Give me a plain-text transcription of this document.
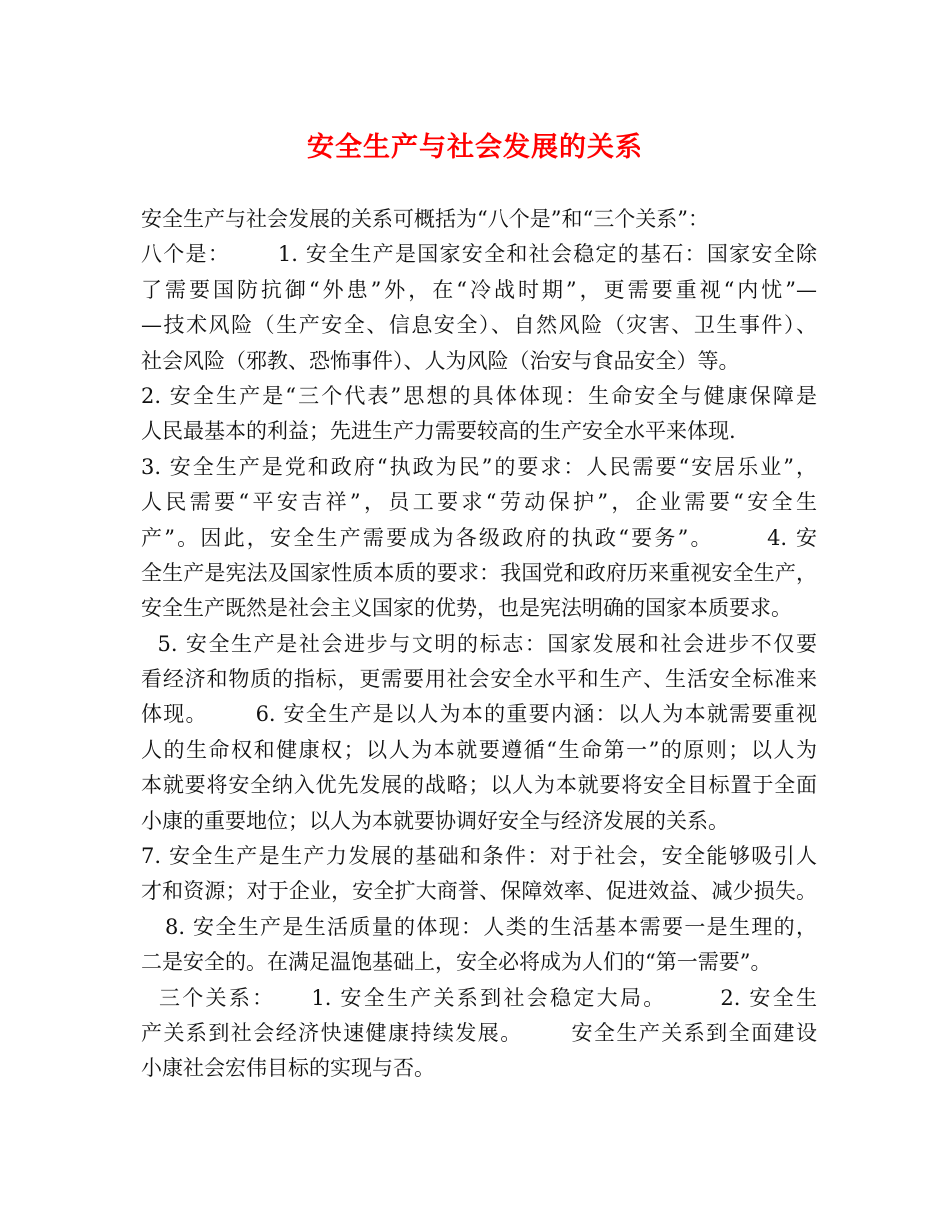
安全生产与社会发展的关系
安全生产与社会发展的关系可概括为“八个是”和“三个关系”：
八个是：      1. 安全生产是国家安全和社会稳定的基石：国家安全除
了需要国防抗御“外患”外，在“冷战时期”，更需要重视“内忧”—
—技术风险（生产安全、信息安全）、自然风险（灾害、卫生事件）、
社会风险（邪教、恐怖事件）、人为风险（治安与食品安全）等。
2. 安全生产是“三个代表”思想的具体体现：生命安全与健康保障是
人民最基本的利益；先进生产力需要较高的生产安全水平来体现.
3. 安全生产是党和政府“执政为民”的要求：人民需要“安居乐业”，
人民需要“平安吉祥”，员工要求“劳动保护”，企业需要“安全生
产”。因此，安全生产需要成为各级政府的执政“要务”。      4. 安
全生产是宪法及国家性质本质的要求：我国党和政府历来重视安全生产，
安全生产既然是社会主义国家的优势，也是宪法明确的国家本质要求。
5. 安全生产是社会进步与文明的标志：国家发展和社会进步不仅要
看经济和物质的指标，更需要用社会安全水平和生产、生活安全标准来
体现。      6. 安全生产是以人为本的重要内涵：以人为本就需要重视
人的生命权和健康权；以人为本就要遵循“生命第一”的原则；以人为
本就要将安全纳入优先发展的战略；以人为本就要将安全目标置于全面
小康的重要地位；以人为本就要协调好安全与经济发展的关系。
7. 安全生产是生产力发展的基础和条件：对于社会，安全能够吸引人
才和资源；对于企业，安全扩大商誉、保障效率、促进效益、减少损失。
8. 安全生产是生活质量的体现：人类的生活基本需要一是生理的，
二是安全的。在满足温饱基础上，安全必将成为人们的“第一需要”。
三个关系：    1. 安全生产关系到社会稳定大局。      2. 安全生
产关系到社会经济快速健康持续发展。      安全生产关系到全面建设
小康社会宏伟目标的实现与否。
